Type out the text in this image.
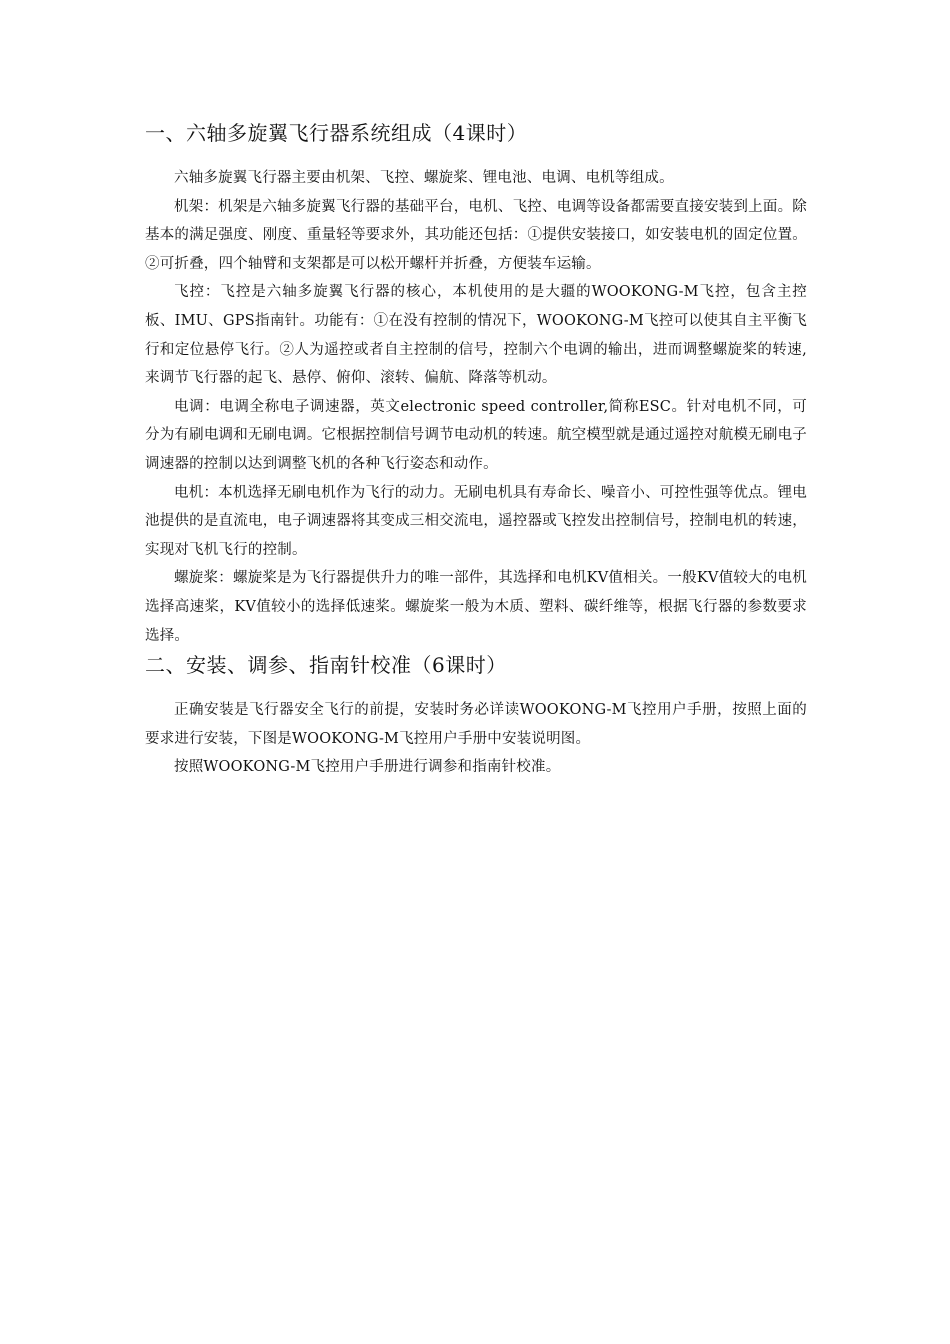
一、六轴多旋翼飞行器系统组成（4课时）

六轴多旋翼飞行器主要由机架、飞控、螺旋桨、锂电池、电调、电机等组成。

机架：机架是六轴多旋翼飞行器的基础平台，电机、飞控、电调等设备都需要直接安装到上面。除基本的满足强度、刚度、重量轻等要求外，其功能还包括：①提供安装接口，如安装电机的固定位置。②可折叠，四个轴臂和支架都是可以松开螺杆并折叠，方便装车运输。

飞控：飞控是六轴多旋翼飞行器的核心，本机使用的是大疆的WOOKONG-M飞控，包含主控板、IMU、GPS指南针。功能有：①在没有控制的情况下，WOOKONG-M飞控可以使其自主平衡飞行和定位悬停飞行。②人为遥控或者自主控制的信号，控制六个电调的输出，进而调整螺旋桨的转速,来调节飞行器的起飞、悬停、俯仰、滚转、偏航、降落等机动。

电调：电调全称电子调速器，英文electronic speed controller,简称ESC。针对电机不同，可分为有刷电调和无刷电调。它根据控制信号调节电动机的转速。航空模型就是通过遥控对航模无刷电子调速器的控制以达到调整飞机的各种飞行姿态和动作。

电机：本机选择无刷电机作为飞行的动力。无刷电机具有寿命长、噪音小、可控性强等优点。锂电池提供的是直流电，电子调速器将其变成三相交流电，遥控器或飞控发出控制信号，控制电机的转速，实现对飞机飞行的控制。

螺旋桨：螺旋桨是为飞行器提供升力的唯一部件，其选择和电机KV值相关。一般KV值较大的电机选择高速桨，KV值较小的选择低速桨。螺旋桨一般为木质、塑料、碳纤维等，根据飞行器的参数要求选择。

二、安装、调参、指南针校准（6课时）

正确安装是飞行器安全飞行的前提，安装时务必详读WOOKONG-M飞控用户手册，按照上面的要求进行安装，下图是WOOKONG-M飞控用户手册中安装说明图。

按照WOOKONG-M飞控用户手册进行调参和指南针校准。
